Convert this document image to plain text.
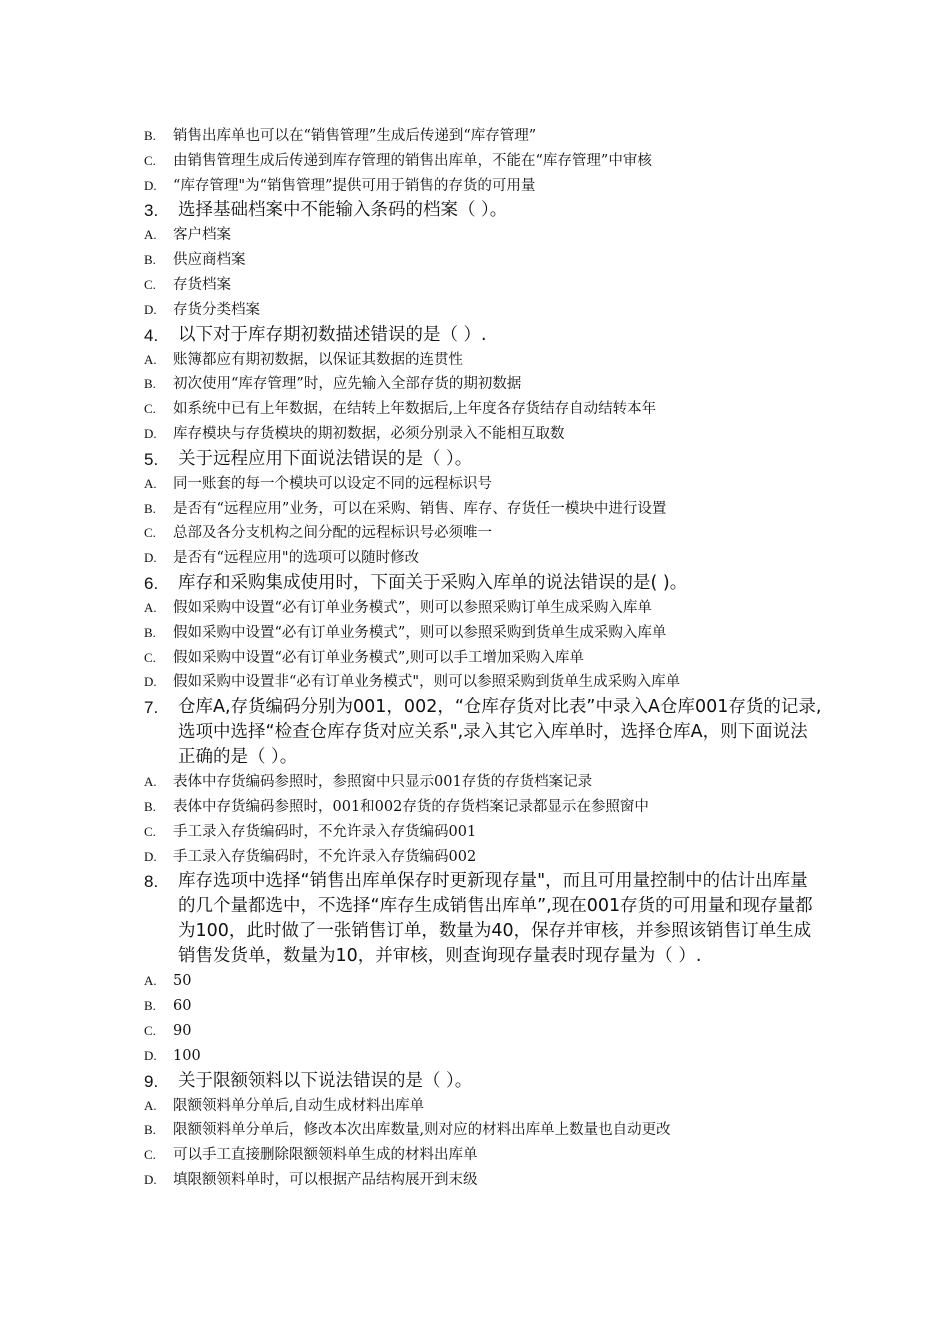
B.	销售出库单也可以在“销售管理”生成后传递到“库存管理”
C.	由销售管理生成后传递到库存管理的销售出库单，不能在“库存管理”中审核
D.	“库存管理"为“销售管理”提供可用于销售的存货的可用量
3.	选择基础档案中不能输入条码的档案（ ）。
A.	客户档案
B.	供应商档案
C.	存货档案
D.	存货分类档案
4.	以下对于库存期初数描述错误的是（ ）.
A.	账簿都应有期初数据，以保证其数据的连贯性
B.	初次使用“库存管理”时，应先输入全部存货的期初数据
C.	如系统中已有上年数据，在结转上年数据后,上年度各存货结存自动结转本年
D.	库存模块与存货模块的期初数据，必须分别录入不能相互取数
5.	关于远程应用下面说法错误的是（ ）。
A.	同一账套的每一个模块可以设定不同的远程标识号
B.	是否有“远程应用”业务，可以在采购、销售、库存、存货任一模块中进行设置
C.	总部及各分支机构之间分配的远程标识号必须唯一
D.	是否有“远程应用"的选项可以随时修改
6.	库存和采购集成使用时，下面关于采购入库单的说法错误的是( )。
A.	假如采购中设置“必有订单业务模式”，则可以参照采购订单生成采购入库单
B.	假如采购中设置“必有订单业务模式”，则可以参照采购到货单生成采购入库单
C.	假如采购中设置“必有订单业务模式”,则可以手工增加采购入库单
D.	假如采购中设置非“必有订单业务模式"，则可以参照采购到货单生成采购入库单
7.	仓库A,存货编码分别为001，002，“仓库存货对比表”中录入A仓库001存货的记录,选项中选择“检查仓库存货对应关系",录入其它入库单时，选择仓库A，则下面说法正确的是（ ）。
A.	表体中存货编码参照时，参照窗中只显示001存货的存货档案记录
B.	表体中存货编码参照时，001和002存货的存货档案记录都显示在参照窗中
C.	手工录入存货编码时，不允许录入存货编码001
D.	手工录入存货编码时，不允许录入存货编码002
8.	库存选项中选择“销售出库单保存时更新现存量"，而且可用量控制中的估计出库量的几个量都选中，不选择“库存生成销售出库单”,现在001存货的可用量和现存量都为100，此时做了一张销售订单，数量为40，保存并审核，并参照该销售订单生成销售发货单，数量为10，并审核，则查询现存量表时现存量为（ ）.
A.	50
B.	60
C.	90
D.	100
9.	关于限额领料以下说法错误的是（ ）。
A.	限额领料单分单后,自动生成材料出库单
B.	限额领料单分单后，修改本次出库数量,则对应的材料出库单上数量也自动更改
C.	可以手工直接删除限额领料单生成的材料出库单
D.	填限额领料单时，可以根据产品结构展开到末级
